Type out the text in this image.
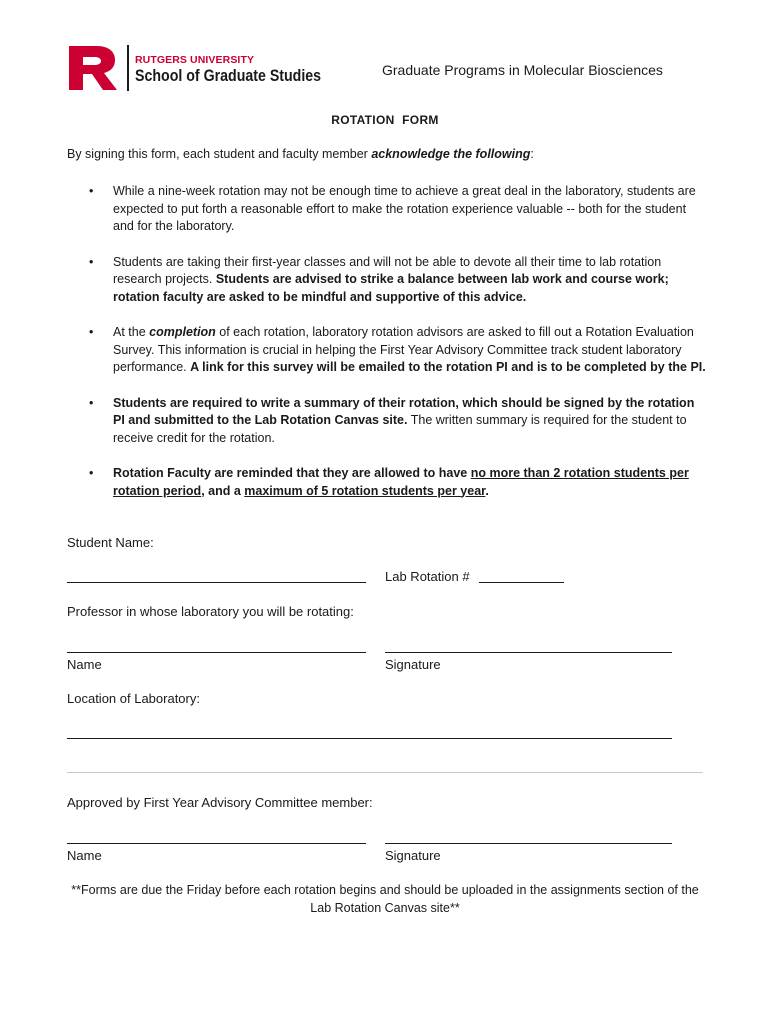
RUTGERS UNIVERSITY
School of Graduate Studies	Graduate Programs in Molecular Biosciences
ROTATION FORM
By signing this form, each student and faculty member acknowledge the following:
• While a nine-week rotation may not be enough time to achieve a great deal in the laboratory, students are expected to put forth a reasonable effort to make the rotation experience valuable -- both for the student and for the laboratory.
• Students are taking their first-year classes and will not be able to devote all their time to lab rotation research projects. Students are advised to strike a balance between lab work and course work; rotation faculty are asked to be mindful and supportive of this advice.
• At the completion of each rotation, laboratory rotation advisors are asked to fill out a Rotation Evaluation Survey. This information is crucial in helping the First Year Advisory Committee track student laboratory performance. A link for this survey will be emailed to the rotation PI and is to be completed by the PI.
• Students are required to write a summary of their rotation, which should be signed by the rotation PI and submitted to the Lab Rotation Canvas site. The written summary is required for the student to receive credit for the rotation.
• Rotation Faculty are reminded that they are allowed to have no more than 2 rotation students per rotation period, and a maximum of 5 rotation students per year.
Student Name:
Lab Rotation #
Professor in whose laboratory you will be rotating:
Name	Signature
Location of Laboratory:
Approved by First Year Advisory Committee member:
Name	Signature
**Forms are due the Friday before each rotation begins and should be uploaded in the assignments section of the Lab Rotation Canvas site**
